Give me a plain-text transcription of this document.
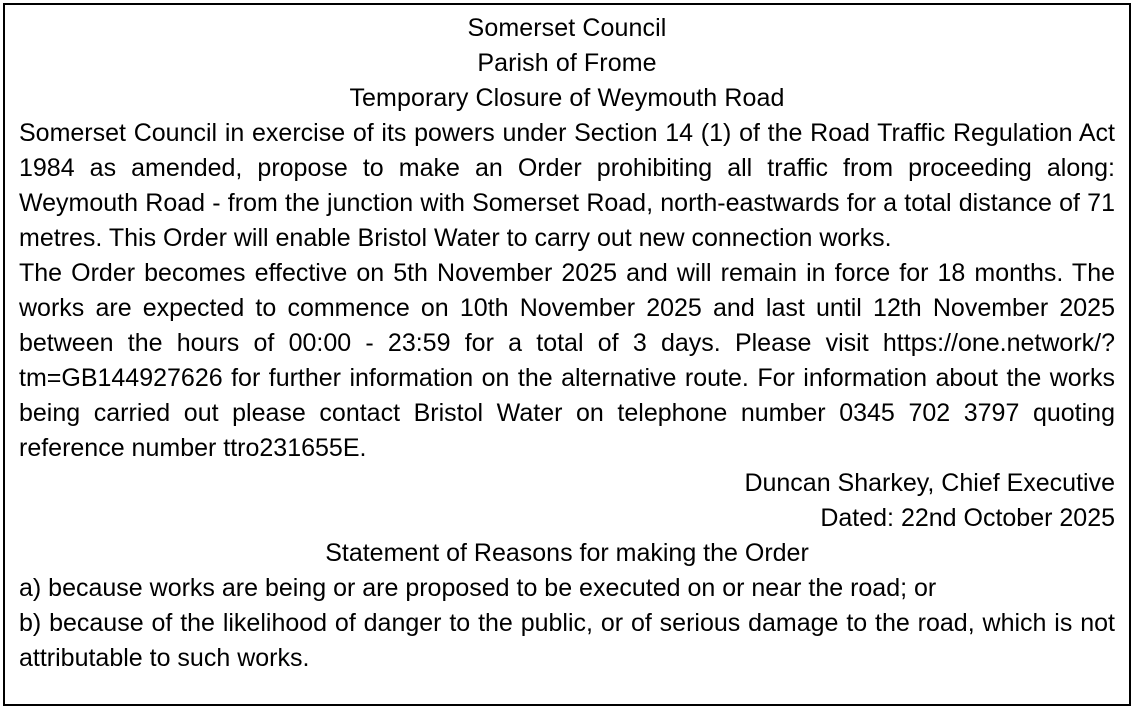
Somerset Council
Parish of Frome
Temporary Closure of Weymouth Road

Somerset Council in exercise of its powers under Section 14 (1) of the Road Traffic Regulation Act 1984 as amended, propose to make an Order prohibiting all traffic from proceeding along: Weymouth Road - from the junction with Somerset Road, north-eastwards for a total distance of 71 metres. This Order will enable Bristol Water to carry out new connection works.

The Order becomes effective on 5th November 2025 and will remain in force for 18 months. The works are expected to commence on 10th November 2025 and last until 12th November 2025 between the hours of 00:00 - 23:59 for a total of 3 days. Please visit https://one.network/?tm=GB144927626 for further information on the alternative route. For information about the works being carried out please contact Bristol Water on telephone number 0345 702 3797 quoting reference number ttro231655E.

Duncan Sharkey, Chief Executive
Dated: 22nd October 2025
Statement of Reasons for making the Order
a) because works are being or are proposed to be executed on or near the road; or
b) because of the likelihood of danger to the public, or of serious damage to the road, which is not attributable to such works.
